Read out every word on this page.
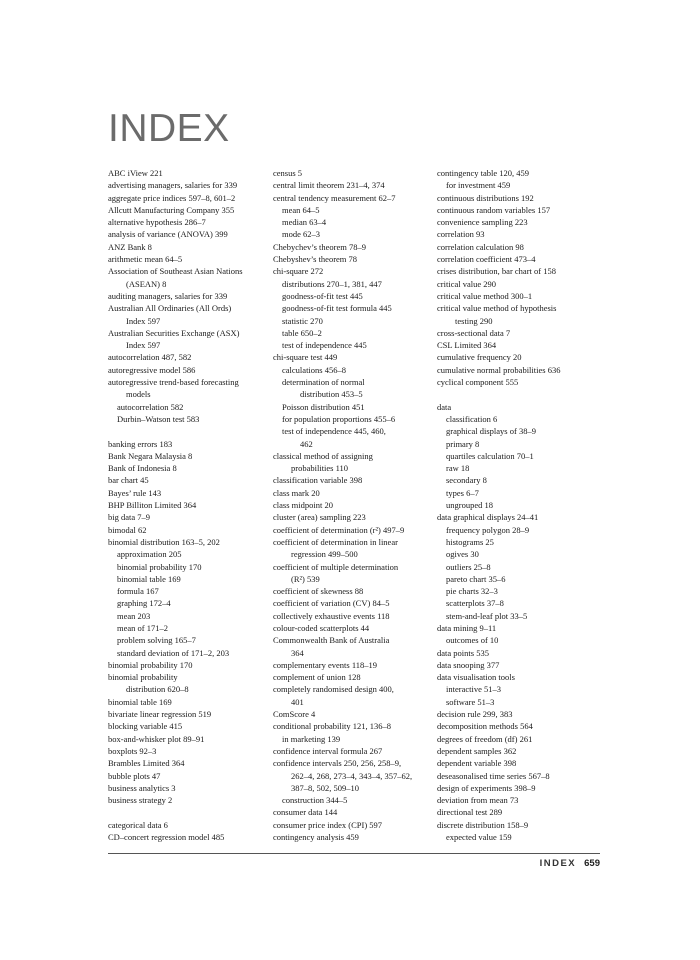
INDEX
ABC iView 221
advertising managers, salaries for 339
aggregate price indices 597–8, 601–2
Allcutt Manufacturing Company 355
alternative hypothesis 286–7
analysis of variance (ANOVA) 399
ANZ Bank 8
arithmetic mean 64–5
Association of Southeast Asian Nations
(ASEAN) 8
auditing managers, salaries for 339
Australian All Ordinaries (All Ords)
Index 597
Australian Securities Exchange (ASX)
Index 597
autocorrelation 487, 582
autoregressive model 586
autoregressive trend-based forecasting
models
autocorrelation 582
Durbin–Watson test 583
banking errors 183
Bank Negara Malaysia 8
Bank of Indonesia 8
bar chart 45
Bayes’ rule 143
BHP Billiton Limited 364
big data 7–9
bimodal 62
binomial distribution 163–5, 202
approximation 205
binomial probability 170
binomial table 169
formula 167
graphing 172–4
mean 203
mean of 171–2
problem solving 165–7
standard deviation of 171–2, 203
binomial probability 170
binomial probability
distribution 620–8
binomial table 169
bivariate linear regression 519
blocking variable 415
box-and-whisker plot 89–91
boxplots 92–3
Brambles Limited 364
bubble plots 47
business analytics 3
business strategy 2
categorical data 6
CD–concert regression model 485
census 5
central limit theorem 231–4, 374
central tendency measurement 62–7
mean 64–5
median 63–4
mode 62–3
Chebychev’s theorem 78–9
Chebyshev’s theorem 78
chi-square 272
distributions 270–1, 381, 447
goodness-of-fit test 445
goodness-of-fit test formula 445
statistic 270
table 650–2
test of independence 445
chi-square test 449
calculations 456–8
determination of normal
distribution 453–5
Poisson distribution 451
for population proportions 455–6
test of independence 445, 460,
462
classical method of assigning
probabilities 110
classification variable 398
class mark 20
class midpoint 20
cluster (area) sampling 223
coefficient of determination (r²) 497–9
coefficient of determination in linear
regression 499–500
coefficient of multiple determination
(R²) 539
coefficient of skewness 88
coefficient of variation (CV) 84–5
collectively exhaustive events 118
colour-coded scatterplots 44
Commonwealth Bank of Australia
364
complementary events 118–19
complement of union 128
completely randomised design 400,
401
ComScore 4
conditional probability 121, 136–8
in marketing 139
confidence interval formula 267
confidence intervals 250, 256, 258–9,
262–4, 268, 273–4, 343–4, 357–62,
387–8, 502, 509–10
construction 344–5
consumer data 144
consumer price index (CPI) 597
contingency analysis 459
contingency table 120, 459
for investment 459
continuous distributions 192
continuous random variables 157
convenience sampling 223
correlation 93
correlation calculation 98
correlation coefficient 473–4
crises distribution, bar chart of 158
critical value 290
critical value method 300–1
critical value method of hypothesis
testing 290
cross-sectional data 7
CSL Limited 364
cumulative frequency 20
cumulative normal probabilities 636
cyclical component 555
data
classification 6
graphical displays of 38–9
primary 8
quartiles calculation 70–1
raw 18
secondary 8
types 6–7
ungrouped 18
data graphical displays 24–41
frequency polygon 28–9
histograms 25
ogives 30
outliers 25–8
pareto chart 35–6
pie charts 32–3
scatterplots 37–8
stem-and-leaf plot 33–5
data mining 9–11
outcomes of 10
data points 535
data snooping 377
data visualisation tools
interactive 51–3
software 51–3
decision rule 299, 383
decomposition methods 564
degrees of freedom (df) 261
dependent samples 362
dependent variable 398
deseasonalised time series 567–8
design of experiments 398–9
deviation from mean 73
directional test 289
discrete distribution 158–9
expected value 159
INDEX 659
